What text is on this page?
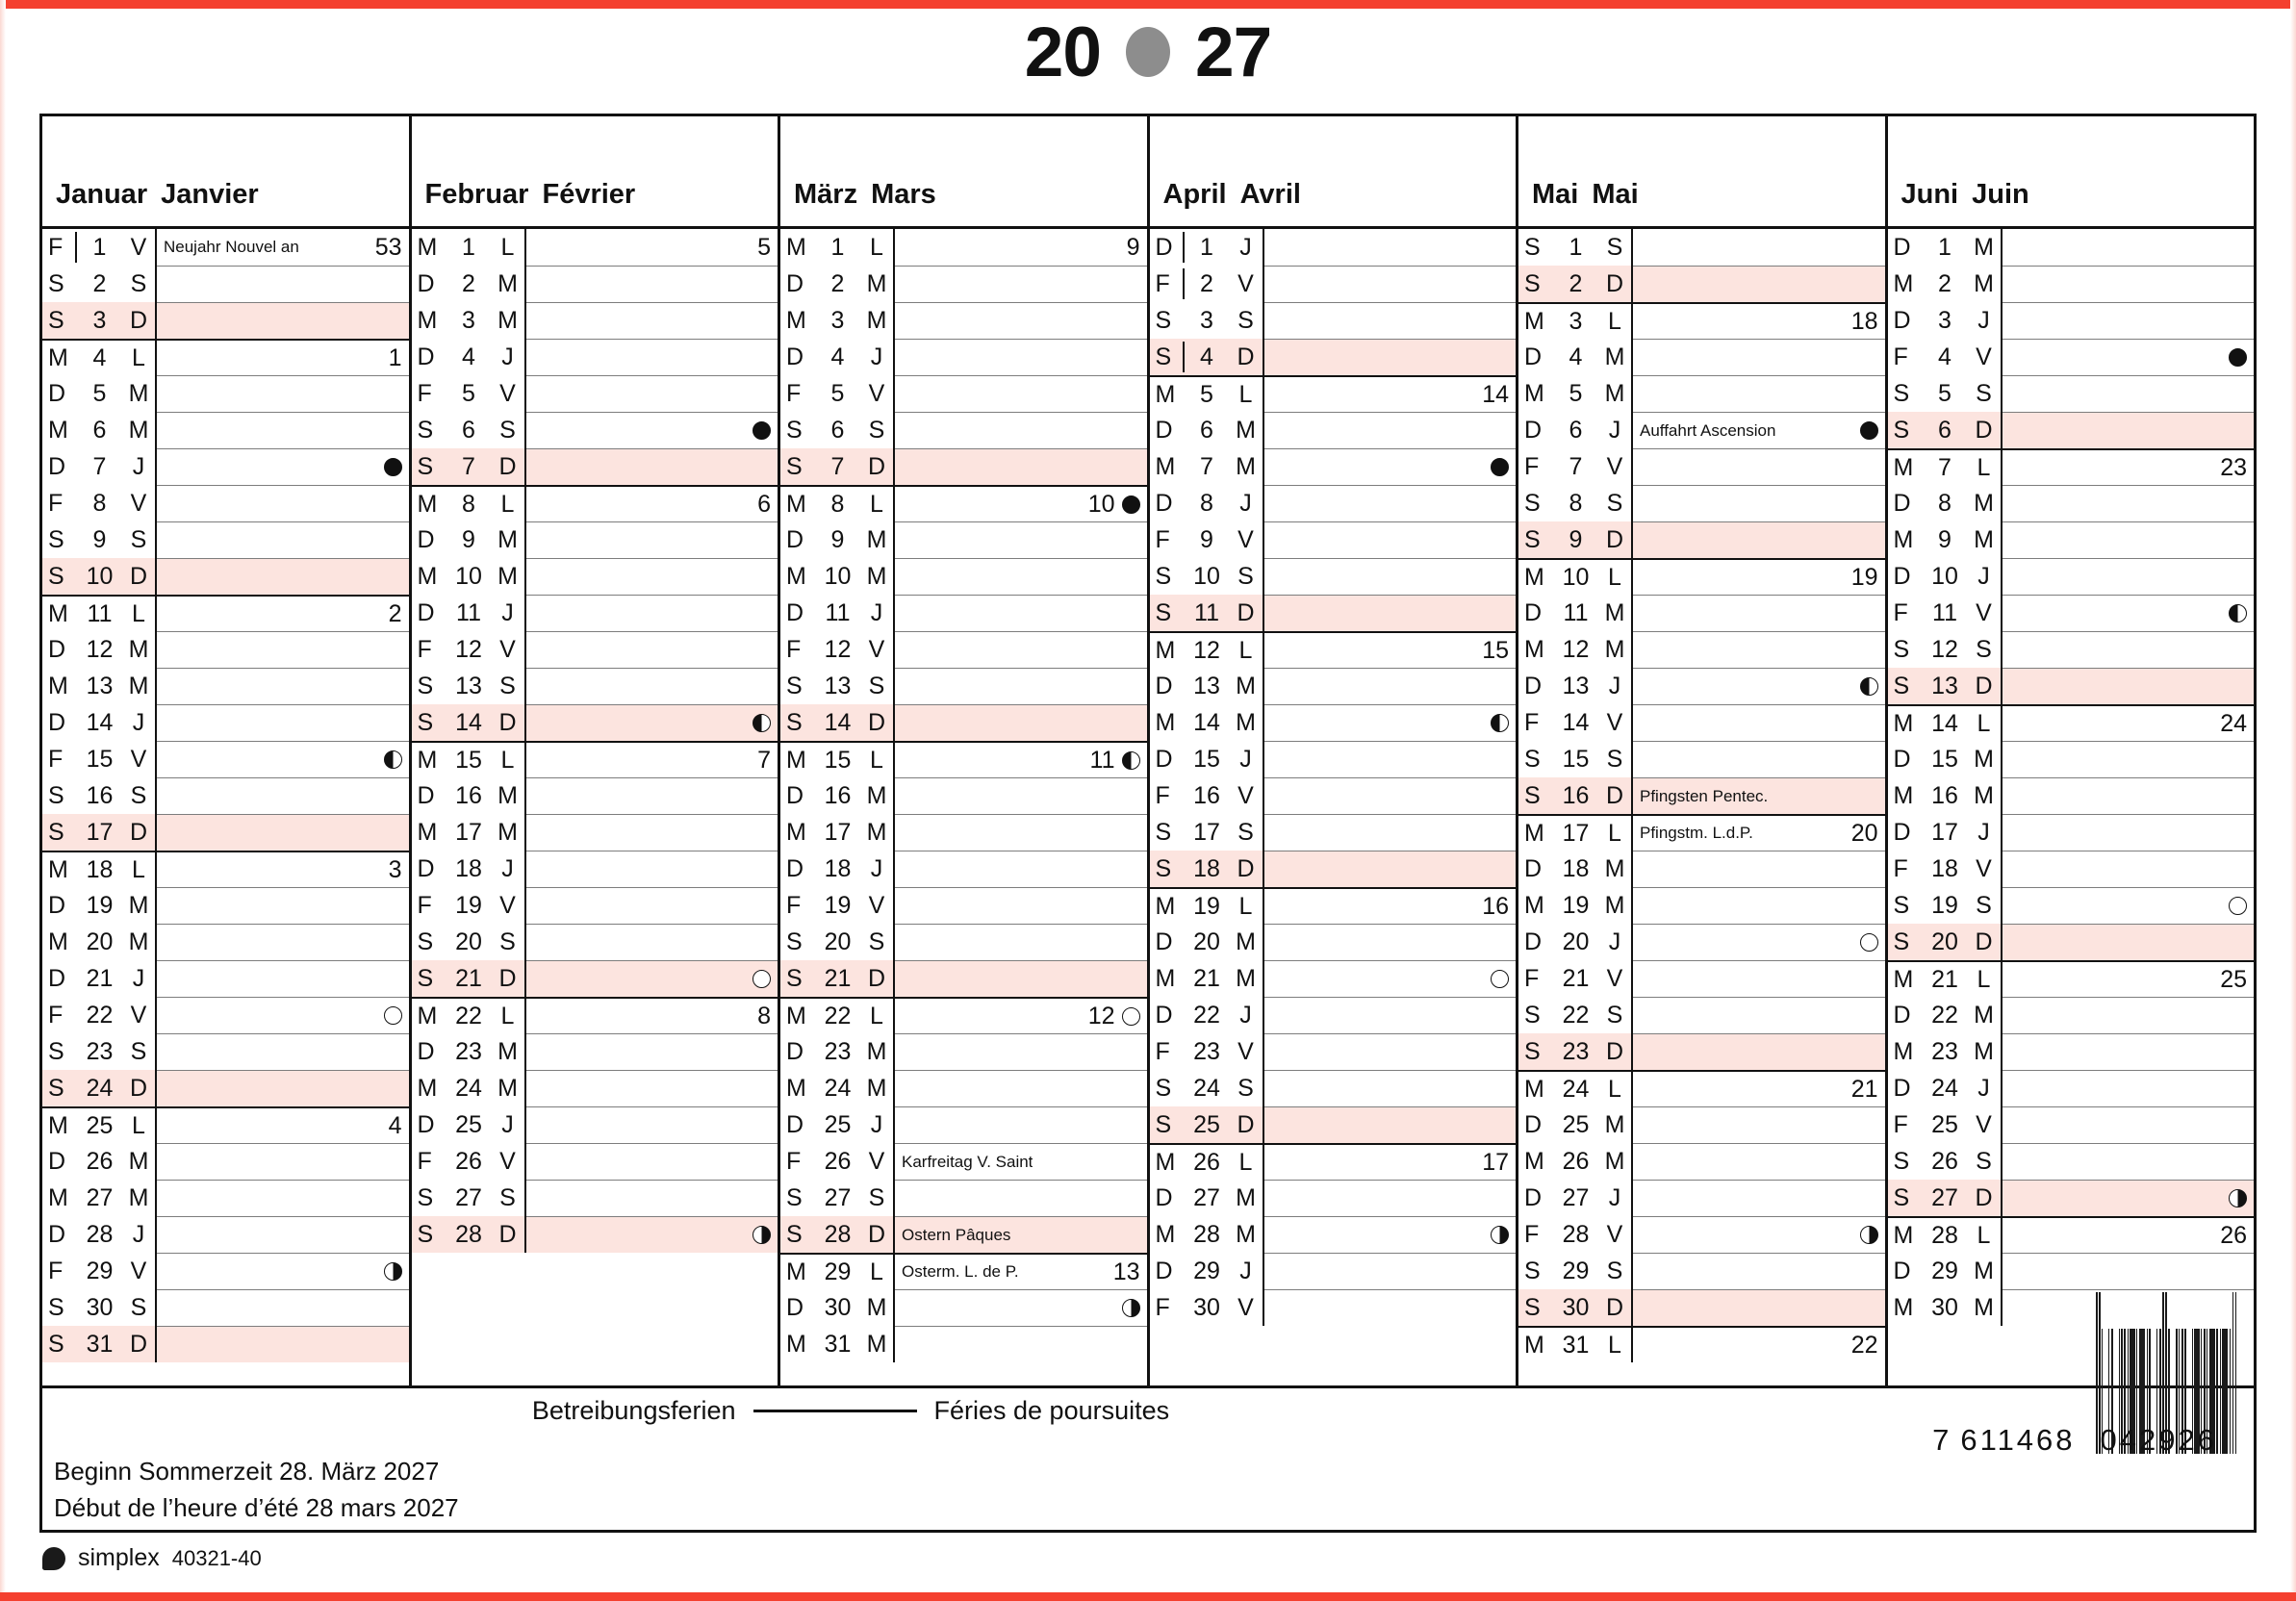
20 27
Januar Janvier
F	1	V	Neujahr Nouvel an	53
S	2	S
S	3 D
M	4	L	1
D	5 M
M	6 M
D	7	J
F	8	V
S	9	S
S 10 D
M 11 L	2
D 12 M
M 13 M
D 14 J
F 15 V
S 16 S
S 17 D
M 18 L	3
D 19 M
M 20 M
D 21 J
F 22 V
S 23 S
S 24 D
M 25 L	4
D 26 M
M 27 M
D 28 J
F 29 V
S 30 S
S 31 D
Februar Février
M	1	L	5
D	2 M
M	3 M
D	4	J
F	5	V
S	6	S
S	7 D
M	8	L	6
D	9 M
M 10 M
D 11 J
F 12 V
S 13 S
S 14 D
M 15 L	7
D 16 M
M 17 M
D 18 J
F 19 V
S 20 S
S 21 D
M 22 L	8
D 23 M
M 24 M
D 25 J
F 26 V
S 27 S
S 28 D
März Mars
M	1	L	9
D	2 M
M	3 M
D	4	J
F	5	V
S	6	S
S	7 D
M	8	L	10
D	9 M
M 10 M
D 11 J
F 12 V
S 13 S
S 14 D
M 15 L	11
D 16 M
M 17 M
D 18 J
F 19 V
S 20 S
S 21 D
M 22 L	12
D 23 M
M 24 M
D 25 J
F 26 V	Karfreitag V. Saint
S 27 S
S 28 D Ostern Pâques
M 29 L	Osterm. L. de P.	13
D 30 M
M 31 M
April Avril
D	1	J
F	2	V
S	3	S
S	4 D
M	5	L	14
D	6 M
M	7 M
D	8	J
F	9	V
S 10 S
S 11 D
M 12 L	15
D 13 M
M 14 M
D 15 J
F 16 V
S 17 S
S 18 D
M 19 L	16
D 20 M
M 21 M
D 22 J
F 23 V
S 24 S
S 25 D
M 26 L	17
D 27 M
M 28 M
D 29 J
F 30 V
Mai Mai
S	1	S
S	2 D
M	3	L	18
D	4 M
M	5 M
D	6	J	Auffahrt Ascension
F	7	V
S	8	S
S	9 D
M 10 L	19
D 11 M
M 12 M
D 13 J
F 14 V
S 15 S
S 16 D Pfingsten Pentec.
M 17 L	Pfingstm. L.d.P.	20
D 18 M
M 19 M
D 20 J
F 21 V
S 22 S
S 23 D
M 24 L	21
D 25 M
M 26 M
D 27 J
F 28 V
S 29 S
S 30 D
M 31 L	22
Juni Juin
D	1 M
M	2 M
D	3	J
F	4	V
S	5	S
S	6 D
M	7	L	23
D	8 M
M	9 M
D 10 J
F	11 V
S 12 S
S 13 D
M 14 L	24
D 15 M
M 16 M
D 17 J
F 18 V
S 19 S
S 20 D
M 21 L	25
D 22 M
M 23 M
D 24 J
F 25 V
S 26 S
S 27 D
M 28 L	26
D 29 M
M 30 M
Betreibungsferien	Féries de poursuites
Beginn Sommerzeit 28. März 2027
Début de l’heure d’été 28 mars 2027
7 611468 042926
simplex 40321-40
